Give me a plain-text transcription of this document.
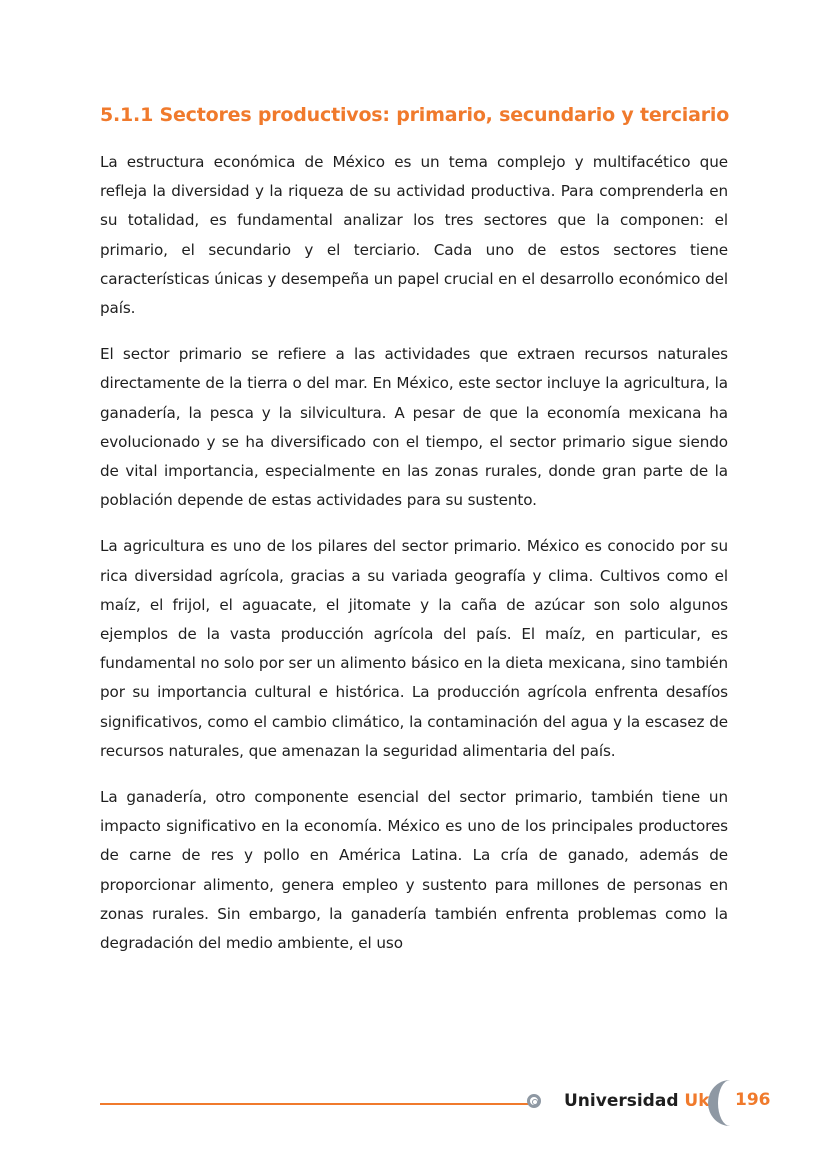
5.1.1 Sectores productivos: primario, secundario y terciario

La estructura económica de México es un tema complejo y multifacético que refleja la diversidad y la riqueza de su actividad productiva. Para comprenderla en su totalidad, es fundamental analizar los tres sectores que la componen: el primario, el secundario y el terciario. Cada uno de estos sectores tiene características únicas y desempeña un papel crucial en el desarrollo económico del país.

El sector primario se refiere a las actividades que extraen recursos naturales directamente de la tierra o del mar. En México, este sector incluye la agricultura, la ganadería, la pesca y la silvicultura. A pesar de que la economía mexicana ha evolucionado y se ha diversificado con el tiempo, el sector primario sigue siendo de vital importancia, especialmente en las zonas rurales, donde gran parte de la población depende de estas actividades para su sustento.

La agricultura es uno de los pilares del sector primario. México es conocido por su rica diversidad agrícola, gracias a su variada geografía y clima. Cultivos como el maíz, el frijol, el aguacate, el jitomate y la caña de azúcar son solo algunos ejemplos de la vasta producción agrícola del país. El maíz, en particular, es fundamental no solo por ser un alimento básico en la dieta mexicana, sino también por su importancia cultural e histórica. La producción agrícola enfrenta desafíos significativos, como el cambio climático, la contaminación del agua y la escasez de recursos naturales, que amenazan la seguridad alimentaria del país.

La ganadería, otro componente esencial del sector primario, también tiene un impacto significativo en la economía. México es uno de los principales productores de carne de res y pollo en América Latina. La cría de ganado, además de proporcionar alimento, genera empleo y sustento para millones de personas en zonas rurales. Sin embargo, la ganadería también enfrenta problemas como la degradación del medio ambiente, el uso

Universidad Uk 196
